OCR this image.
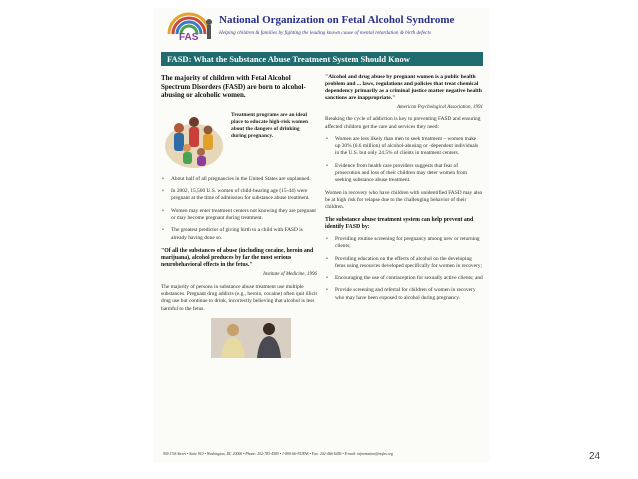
FAS
National Organization on Fetal Alcohol Syndrome
Helping children & families by fighting the leading known cause of mental retardation & birth defects
FASD: What the Substance Abuse Treatment System Should Know

The majority of children with Fetal Alcohol Spectrum Disorders (FASD) are born to alcohol-abusing or alcoholic women.

Treatment programs are an ideal place to educate high-risk women about the dangers of drinking during pregnancy.
• About half of all pregnancies in the United States are unplanned.
• In 2002, 15,500 U.S. women of child-bearing age (15-44) were pregnant at the time of admission for substance abuse treatment.
• Women may enter treatment centers not knowing they are pregnant or may become pregnant during treatment.
• The greatest predictor of giving birth to a child with FASD is already having done so.
"Of all the substances of abuse (including cocaine, heroin and marijuana), alcohol produces by far the most serious neurobehavioral effects in the fetus."
Institute of Medicine, 1996

The majority of persons in substance abuse treatment use multiple substances. Pregnant drug addicts (e.g., heroin, cocaine) often quit illicit drug use but continue to drink, incorrectly believing that alcohol is less harmful to the fetus.

"Alcohol and drug abuse by pregnant women is a public health problem and ... laws, regulations and policies that treat chemical dependency primarily as a criminal justice matter negative health sanctions are inappropriate."
American Psychological Association, 1991

Breaking the cycle of addiction is key to preventing FASD and ensuring affected children get the care and services they need:

• Women are less likely than men to seek treatment – women make up 30% (6.6 million) of alcohol-abusing or -dependent individuals in the U.S. but only 24.5% of clients in treatment centers.
• Evidence from health care providers suggests that fear of prosecution and loss of their children may deter women from seeking substance abuse treatment.

Women in recovery who have children with unidentified FASD may also be at high risk for relapse due to the challenging behavior of their children.

The substance abuse treatment system can help prevent and identify FASD by:
• Providing routine screening for pregnancy among new or returning clients;
• Providing education on the effects of alcohol on the developing fetus using resources developed specifically for women in recovery;
• Encouraging the use of contraception for sexually active clients; and
• Provide screening and referral for children of women in recovery who may have been exposed to alcohol during pregnancy.
900 17th Street • Suite 910 • Washington, DC 20006 • Phone: 202-785-4585 • 1-800-66-NOFAS • Fax: 202-466-6456 • E-mail: information@nofas.org	24
